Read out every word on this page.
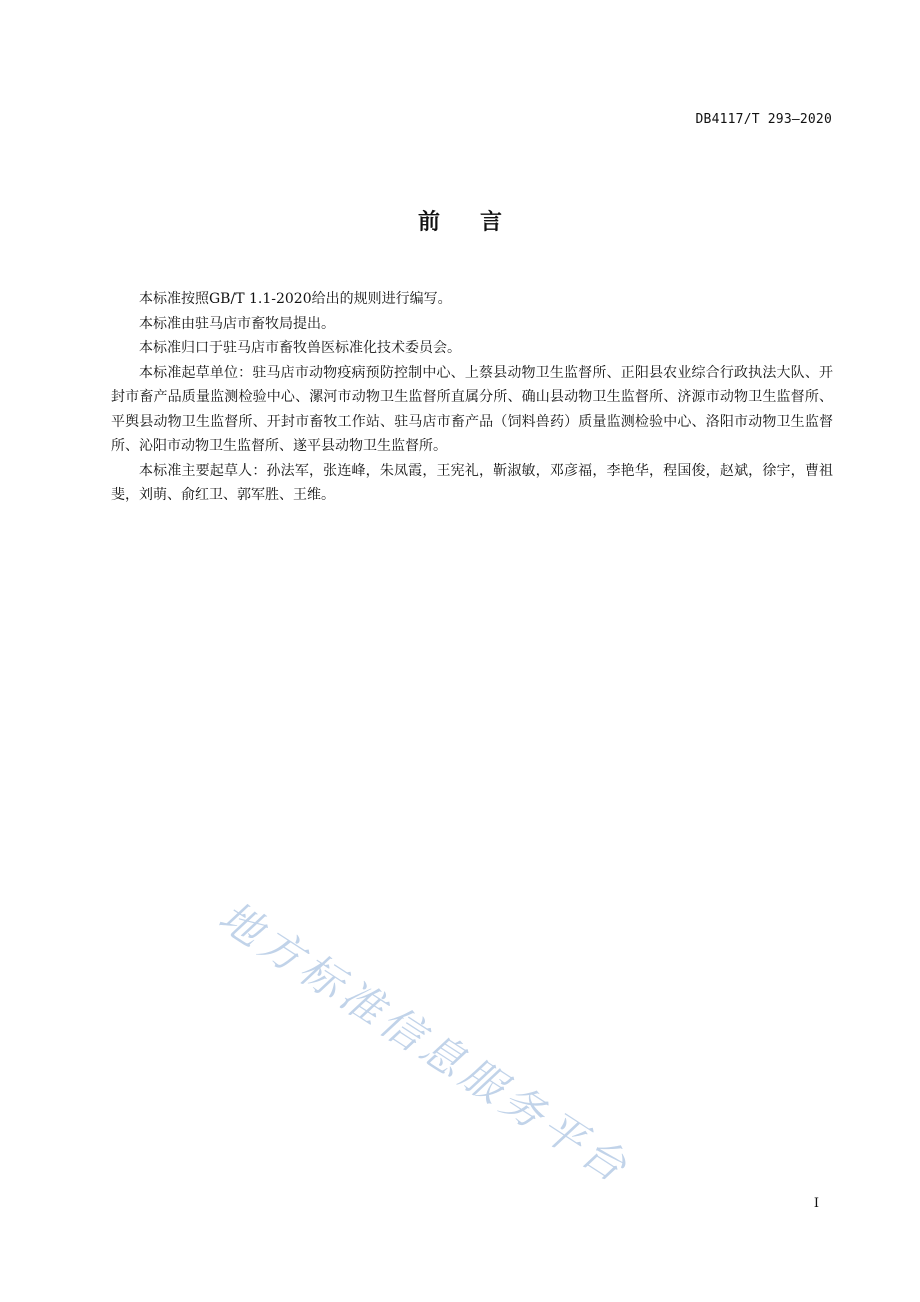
DB4117/T 293—2020
前言

本标准按照GB/T 1.1-2020给出的规则进行编写。

本标准由驻马店市畜牧局提出。

本标准归口于驻马店市畜牧兽医标准化技术委员会。

本标准起草单位：驻马店市动物疫病预防控制中心、上蔡县动物卫生监督所、正阳县农业综合行政执法大队、开封市畜产品质量监测检验中心、漯河市动物卫生监督所直属分所、确山县动物卫生监督所、济源市动物卫生监督所、平舆县动物卫生监督所、开封市畜牧工作站、驻马店市畜产品（饲料兽药）质量监测检验中心、洛阳市动物卫生监督所、沁阳市动物卫生监督所、遂平县动物卫生监督所。

本标准主要起草人：孙法军，张连峰，朱凤霞，王宪礼，靳淑敏，邓彦福，李艳华，程国俊，赵斌，徐宇，曹祖斐，刘萌、俞红卫、郭军胜、王维。

地方标准信息服务平台
I
